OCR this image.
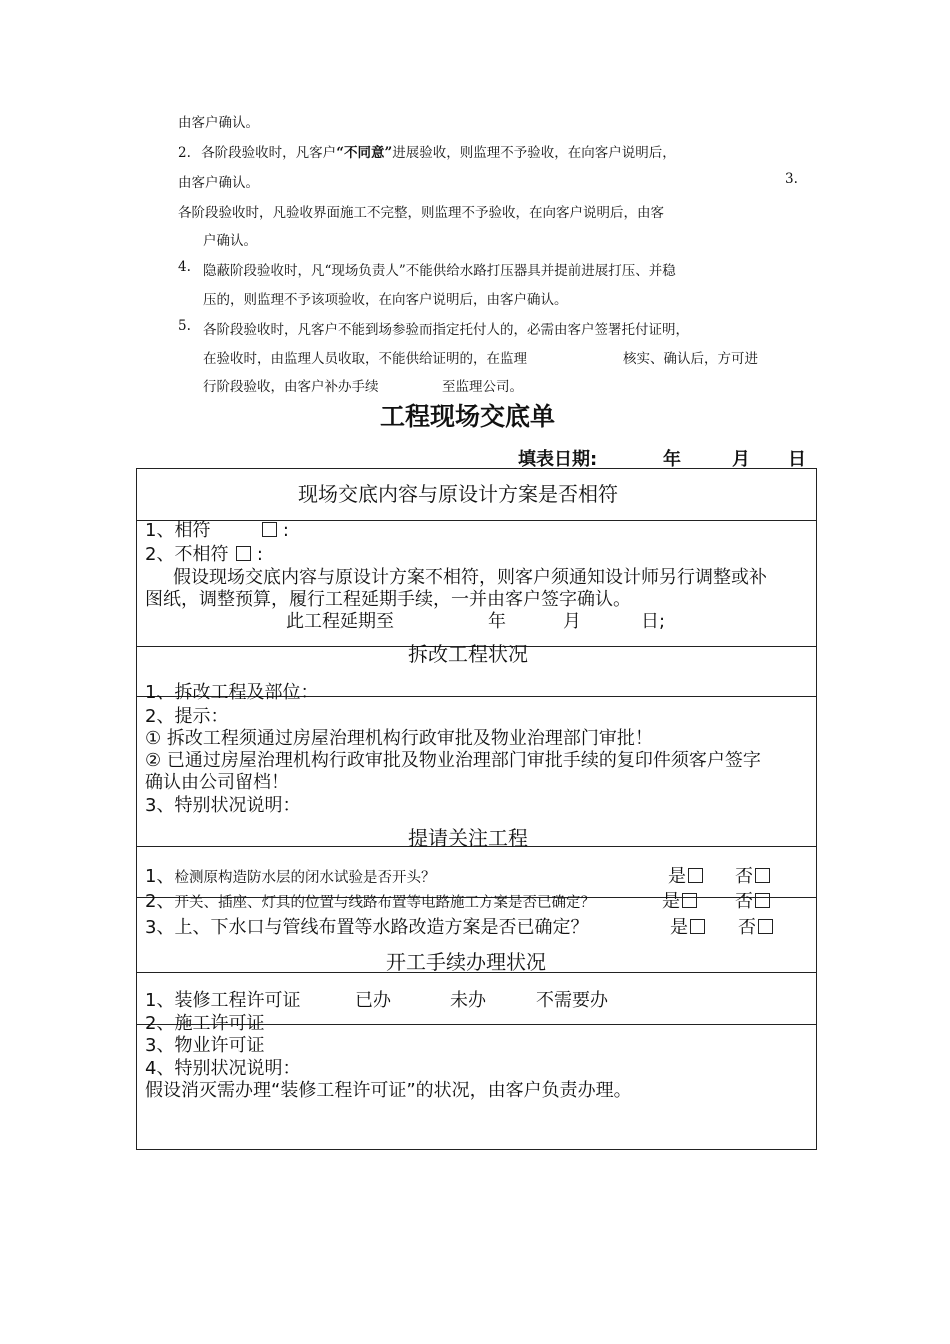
由客户确认。
2. 各阶段验收时，凡客户“不同意”进展验收，则监理不予验收，在向客户说明后，
由客户确认。	3.
各阶段验收时，凡验收界面施工不完整，则监理不予验收，在向客户说明后，由客
户确认。
4. 隐蔽阶段验收时，凡“现场负责人”不能供给水路打压器具并提前进展打压、并稳
压的，则监理不予该项验收，在向客户说明后，由客户确认。
5. 各阶段验收时，凡客户不能到场参验而指定托付人的，必需由客户签署托付证明，
在验收时，由监理人员收取，不能供给证明的，在监理	核实、确认后，方可进
行阶段验收，由客户补办手续	至监理公司。
工程现场交底单
填表日期:	年	月 日
现场交底内容与原设计方案是否相符
1、相符	:
2、不相符 :
假设现场交底内容与原设计方案不相符，则客户须通知设计师另行调整或补
图纸，调整预算，履行工程延期手续，一并由客户签字确认。
此工程延期至	年	月	日;
拆改工程状况
1、拆改工程及部位：
2、提示：
① 拆改工程须通过房屋治理机构行政审批及物业治理部门审批！
② 已通过房屋治理机构行政审批及物业治理部门审批手续的复印件须客户签字
确认由公司留档！
3、特别状况说明：
提请关注工程
1、检测原构造防水层的闭水试验是否开头？	是	否
2、开关、插座、灯具的位置与线路布置等电路施工方案是否已确定？	是	否
3、上、下水口与管线布置等水路改造方案是否已确定？	是	否
开工手续办理状况
1、装修工程许可证	已办	未办	不需要办
2、施工许可证
3、物业许可证
4、特别状况说明：
假设消灭需办理“装修工程许可证”的状况，由客户负责办理。
